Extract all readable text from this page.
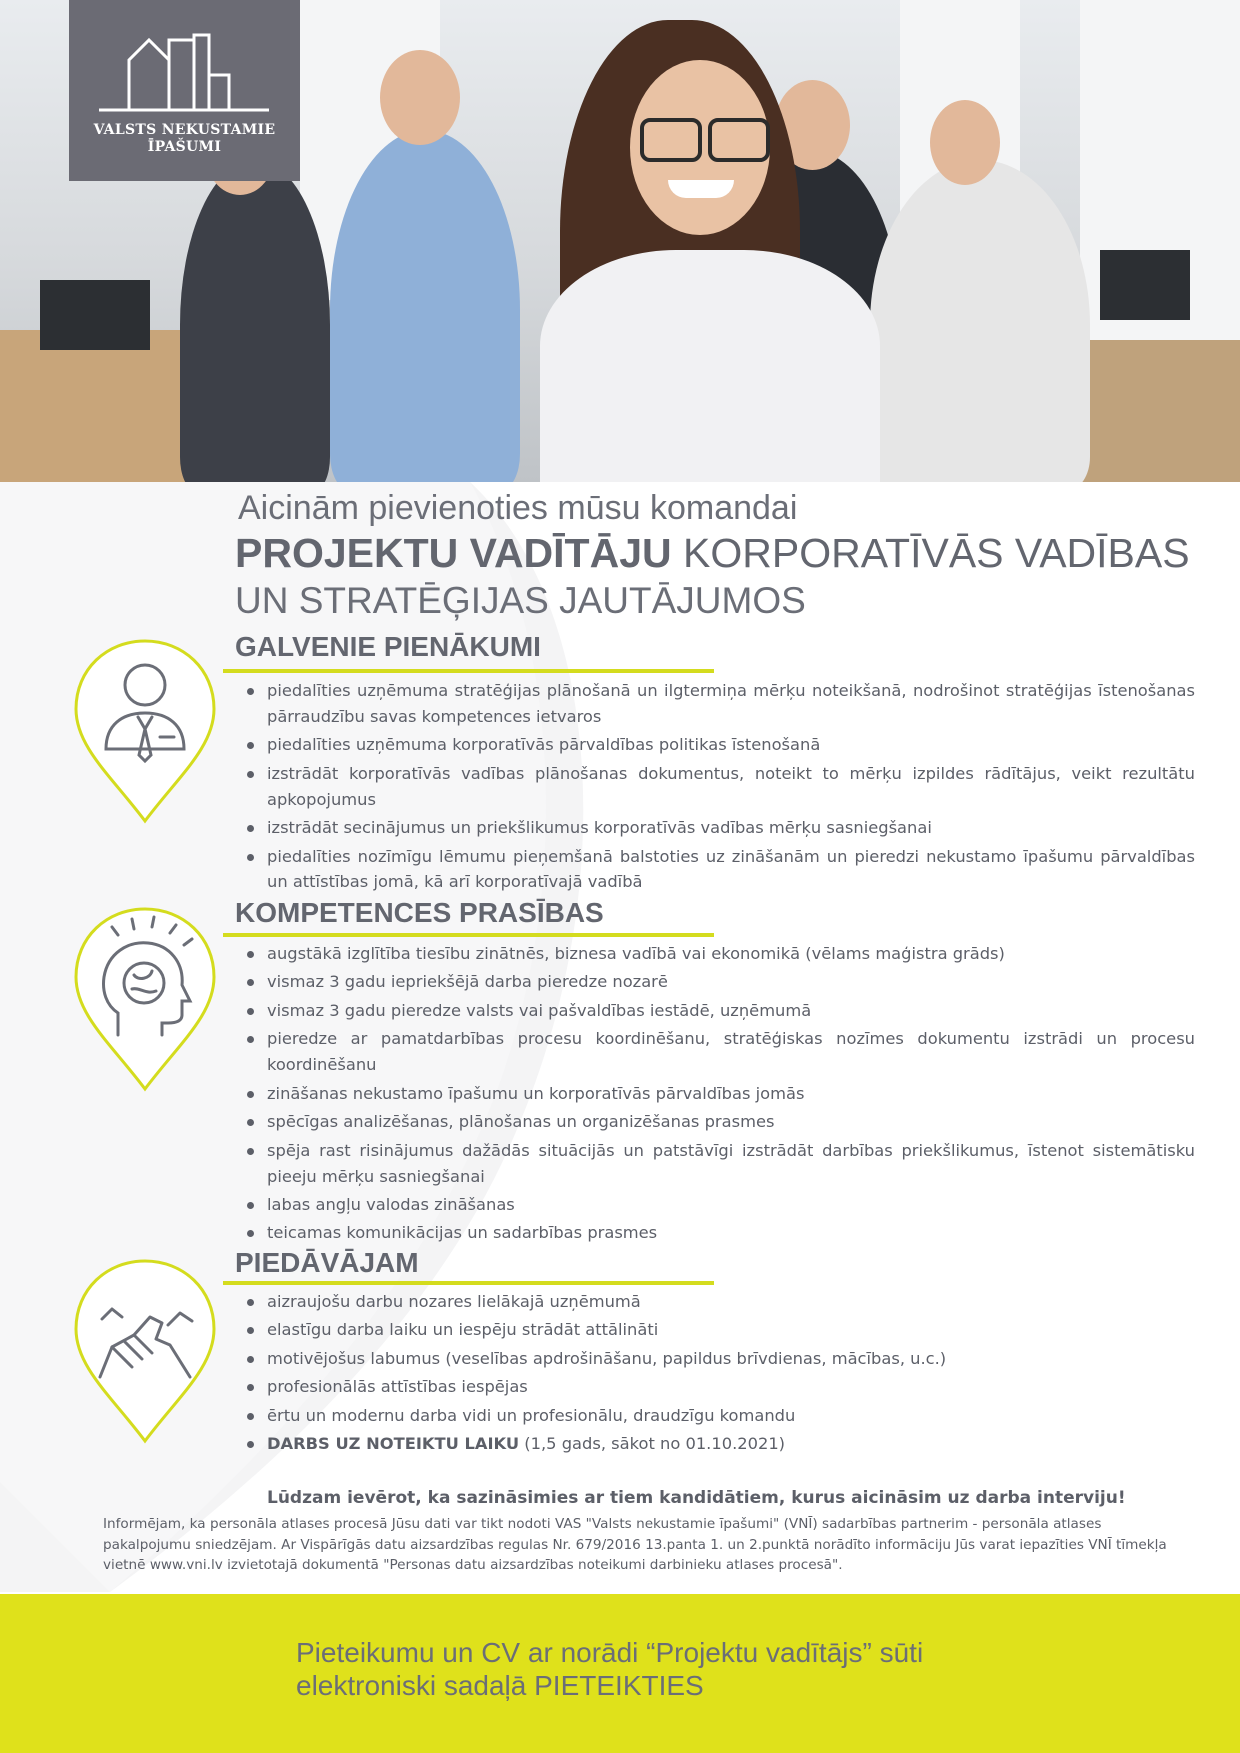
VALSTS NEKUSTAMIE
ĪPAŠUMI
Aicinām pievienoties mūsu komandai
PROJEKTU VADĪTĀJU KORPORATĪVĀS VADĪBAS
UN STRATĒĢIJAS JAUTĀJUMOS
GALVENIE PIENĀKUMI
piedalīties uzņēmuma stratēģijas plānošanā un ilgtermiņa mērķu noteikšanā, nodrošinot stratēģijas īstenošanas pārraudzību savas kompetences ietvaros
piedalīties uzņēmuma korporatīvās pārvaldības politikas īstenošanā
izstrādāt korporatīvās vadības plānošanas dokumentus, noteikt to mērķu izpildes rādītājus, veikt rezultātu apkopojumus
izstrādāt secinājumus un priekšlikumus korporatīvās vadības mērķu sasniegšanai
piedalīties nozīmīgu lēmumu pieņemšanā balstoties uz zināšanām un pieredzi nekustamo īpašumu pārvaldības un attīstības jomā, kā arī korporatīvajā vadībā
KOMPETENCES PRASĪBAS
augstākā izglītība tiesību zinātnēs, biznesa vadībā vai ekonomikā (vēlams maģistra grāds)
vismaz 3 gadu iepriekšējā darba pieredze nozarē
vismaz 3 gadu pieredze valsts vai pašvaldības iestādē, uzņēmumā
pieredze ar pamatdarbības procesu koordinēšanu, stratēģiskas nozīmes dokumentu izstrādi un procesu koordinēšanu
zināšanas nekustamo īpašumu un korporatīvās pārvaldības jomās
spēcīgas analizēšanas, plānošanas un organizēšanas prasmes
spēja rast risinājumus dažādās situācijās un patstāvīgi izstrādāt darbības priekšlikumus, īstenot sistemātisku pieeju mērķu sasniegšanai
labas angļu valodas zināšanas
teicamas komunikācijas un sadarbības prasmes
PIEDĀVĀJAM
aizraujošu darbu nozares lielākajā uzņēmumā
elastīgu darba laiku un iespēju strādāt attālināti
motivējošus labumus (veselības apdrošināšanu, papildus brīvdienas, mācības, u.c.)
profesionālās attīstības iespējas
ērtu un modernu darba vidi un profesionālu, draudzīgu komandu
DARBS UZ NOTEIKTU LAIKU (1,5 gads, sākot no 01.10.2021)
Lūdzam ievērot, ka sazināsimies ar tiem kandidātiem, kurus aicināsim uz darba interviju!
Informējam, ka personāla atlases procesā Jūsu dati var tikt nodoti VAS "Valsts nekustamie īpašumi" (VNĪ) sadarbības partnerim - personāla atlases pakalpojumu sniedzējam. Ar Vispārīgās datu aizsardzības regulas Nr. 679/2016 13.panta 1. un 2.punktā norādīto informāciju Jūs varat iepazīties VNĪ tīmekļa vietnē www.vni.lv izvietotajā dokumentā "Personas datu aizsardzības noteikumi darbinieku atlases procesā".
Pieteikumu un CV ar norādi “Projektu vadītājs” sūti
elektroniski sadaļā PIETEIKTIES
